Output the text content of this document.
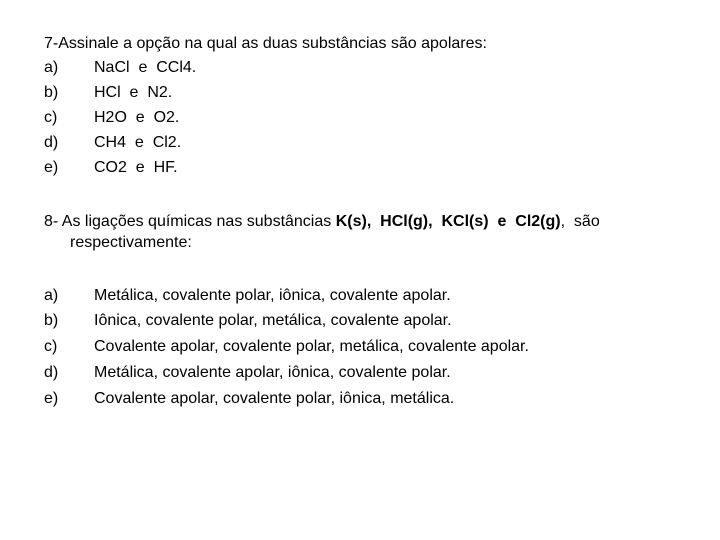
7-Assinale a opção na qual as duas substâncias são apolares:

a)

NaCl  e  CCl4.

b)

HCl  e  N2.

c)

H2O  e  O2.

d)

CH4  e  Cl2.

e)

CO2  e  HF.

8- As ligações químicas nas substâncias K(s),  HCl(g),  KCl(s)  e  Cl2(g),  são
respectivamente:

a)

Metálica, covalente polar, iônica, covalente apolar.

b)

Iônica, covalente polar, metálica, covalente apolar.

c)

Covalente apolar, covalente polar, metálica, covalente apolar.

d)

Metálica, covalente apolar, iônica, covalente polar.

e)

Covalente apolar, covalente polar, iônica, metálica.
